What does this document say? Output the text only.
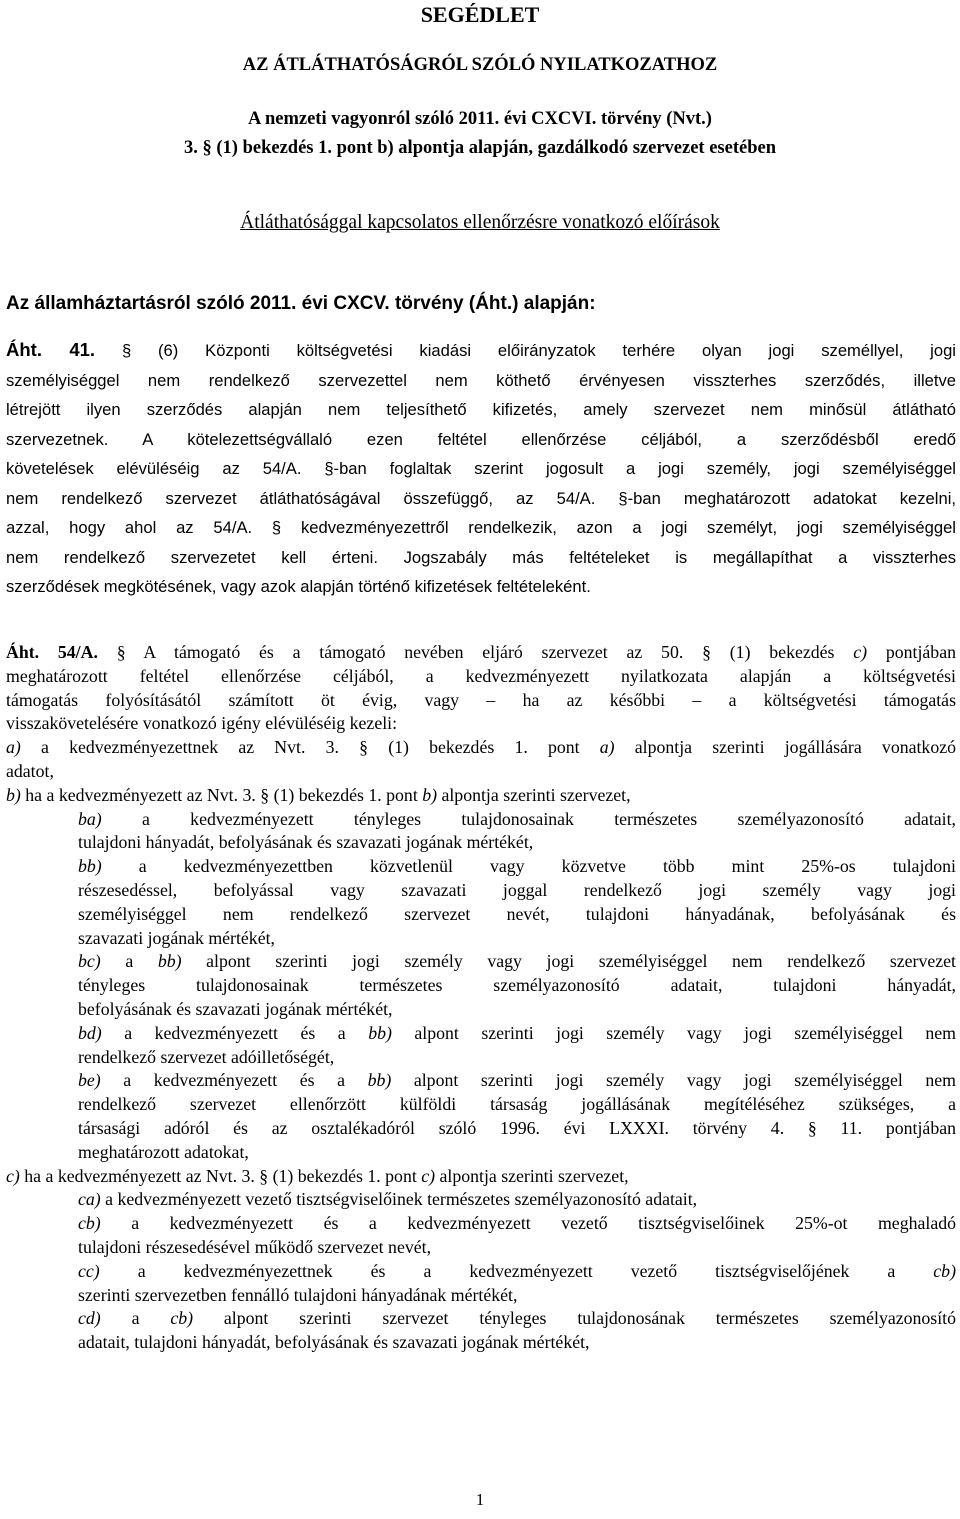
SEGÉDLET
AZ ÁTLÁTHATÓSÁGRÓL SZÓLÓ NYILATKOZATHOZ
A nemzeti vagyonról szóló 2011. évi CXCVI. törvény (Nvt.)
3. § (1) bekezdés 1. pont b) alpontja alapján, gazdálkodó szervezet esetében
Átláthatósággal kapcsolatos ellenőrzésre vonatkozó előírások
Az államháztartásról szóló 2011. évi CXCV. törvény (Áht.) alapján:
Áht. 41. § (6) Központi költségvetési kiadási előirányzatok terhére olyan jogi személlyel, jogi
személyiséggel nem rendelkező szervezettel nem köthető érvényesen visszterhes szerződés, illetve
létrejött ilyen szerződés alapján nem teljesíthető kifizetés, amely szervezet nem minősül átlátható
szervezetnek. A kötelezettségvállaló ezen feltétel ellenőrzése céljából, a szerződésből eredő
követelések elévüléséig az 54/A. §-ban foglaltak szerint jogosult a jogi személy, jogi személyiséggel
nem rendelkező szervezet átláthatóságával összefüggő, az 54/A. §-ban meghatározott adatokat kezelni,
azzal, hogy ahol az 54/A. § kedvezményezettről rendelkezik, azon a jogi személyt, jogi személyiséggel
nem rendelkező szervezetet kell érteni. Jogszabály más feltételeket is megállapíthat a visszterhes
szerződések megkötésének, vagy azok alapján történő kifizetések feltételeként.
Áht. 54/A. § A támogató és a támogató nevében eljáró szervezet az 50. § (1) bekezdés c) pontjában
meghatározott feltétel ellenőrzése céljából, a kedvezményezett nyilatkozata alapján a költségvetési
támogatás folyósításától számított öt évig, vagy – ha az későbbi – a költségvetési támogatás
visszakövetelésére vonatkozó igény elévüléséig kezeli:
a) a kedvezményezettnek az Nvt. 3. § (1) bekezdés 1. pont a) alpontja szerinti jogállására vonatkozó
adatot,
b) ha a kedvezményezett az Nvt. 3. § (1) bekezdés 1. pont b) alpontja szerinti szervezet,
ba) a kedvezményezett tényleges tulajdonosainak természetes személyazonosító adatait,
tulajdoni hányadát, befolyásának és szavazati jogának mértékét,
bb) a kedvezményezettben közvetlenül vagy közvetve több mint 25%-os tulajdoni
részesedéssel, befolyással vagy szavazati joggal rendelkező jogi személy vagy jogi
személyiséggel nem rendelkező szervezet nevét, tulajdoni hányadának, befolyásának és
szavazati jogának mértékét,
bc) a bb) alpont szerinti jogi személy vagy jogi személyiséggel nem rendelkező szervezet
tényleges tulajdonosainak természetes személyazonosító adatait, tulajdoni hányadát,
befolyásának és szavazati jogának mértékét,
bd) a kedvezményezett és a bb) alpont szerinti jogi személy vagy jogi személyiséggel nem
rendelkező szervezet adóilletőségét,
be) a kedvezményezett és a bb) alpont szerinti jogi személy vagy jogi személyiséggel nem
rendelkező szervezet ellenőrzött külföldi társaság jogállásának megítéléséhez szükséges, a
társasági adóról és az osztalékadóról szóló 1996. évi LXXXI. törvény 4. § 11. pontjában
meghatározott adatokat,
c) ha a kedvezményezett az Nvt. 3. § (1) bekezdés 1. pont c) alpontja szerinti szervezet,
ca) a kedvezményezett vezető tisztségviselőinek természetes személyazonosító adatait,
cb) a kedvezményezett és a kedvezményezett vezető tisztségviselőinek 25%-ot meghaladó
tulajdoni részesedésével működő szervezet nevét,
cc) a kedvezményezettnek és a kedvezményezett vezető tisztségviselőjének a cb)
szerinti szervezetben fennálló tulajdoni hányadának mértékét,
cd) a cb) alpont szerinti szervezet tényleges tulajdonosának természetes személyazonosító
adatait, tulajdoni hányadát, befolyásának és szavazati jogának mértékét,
1
